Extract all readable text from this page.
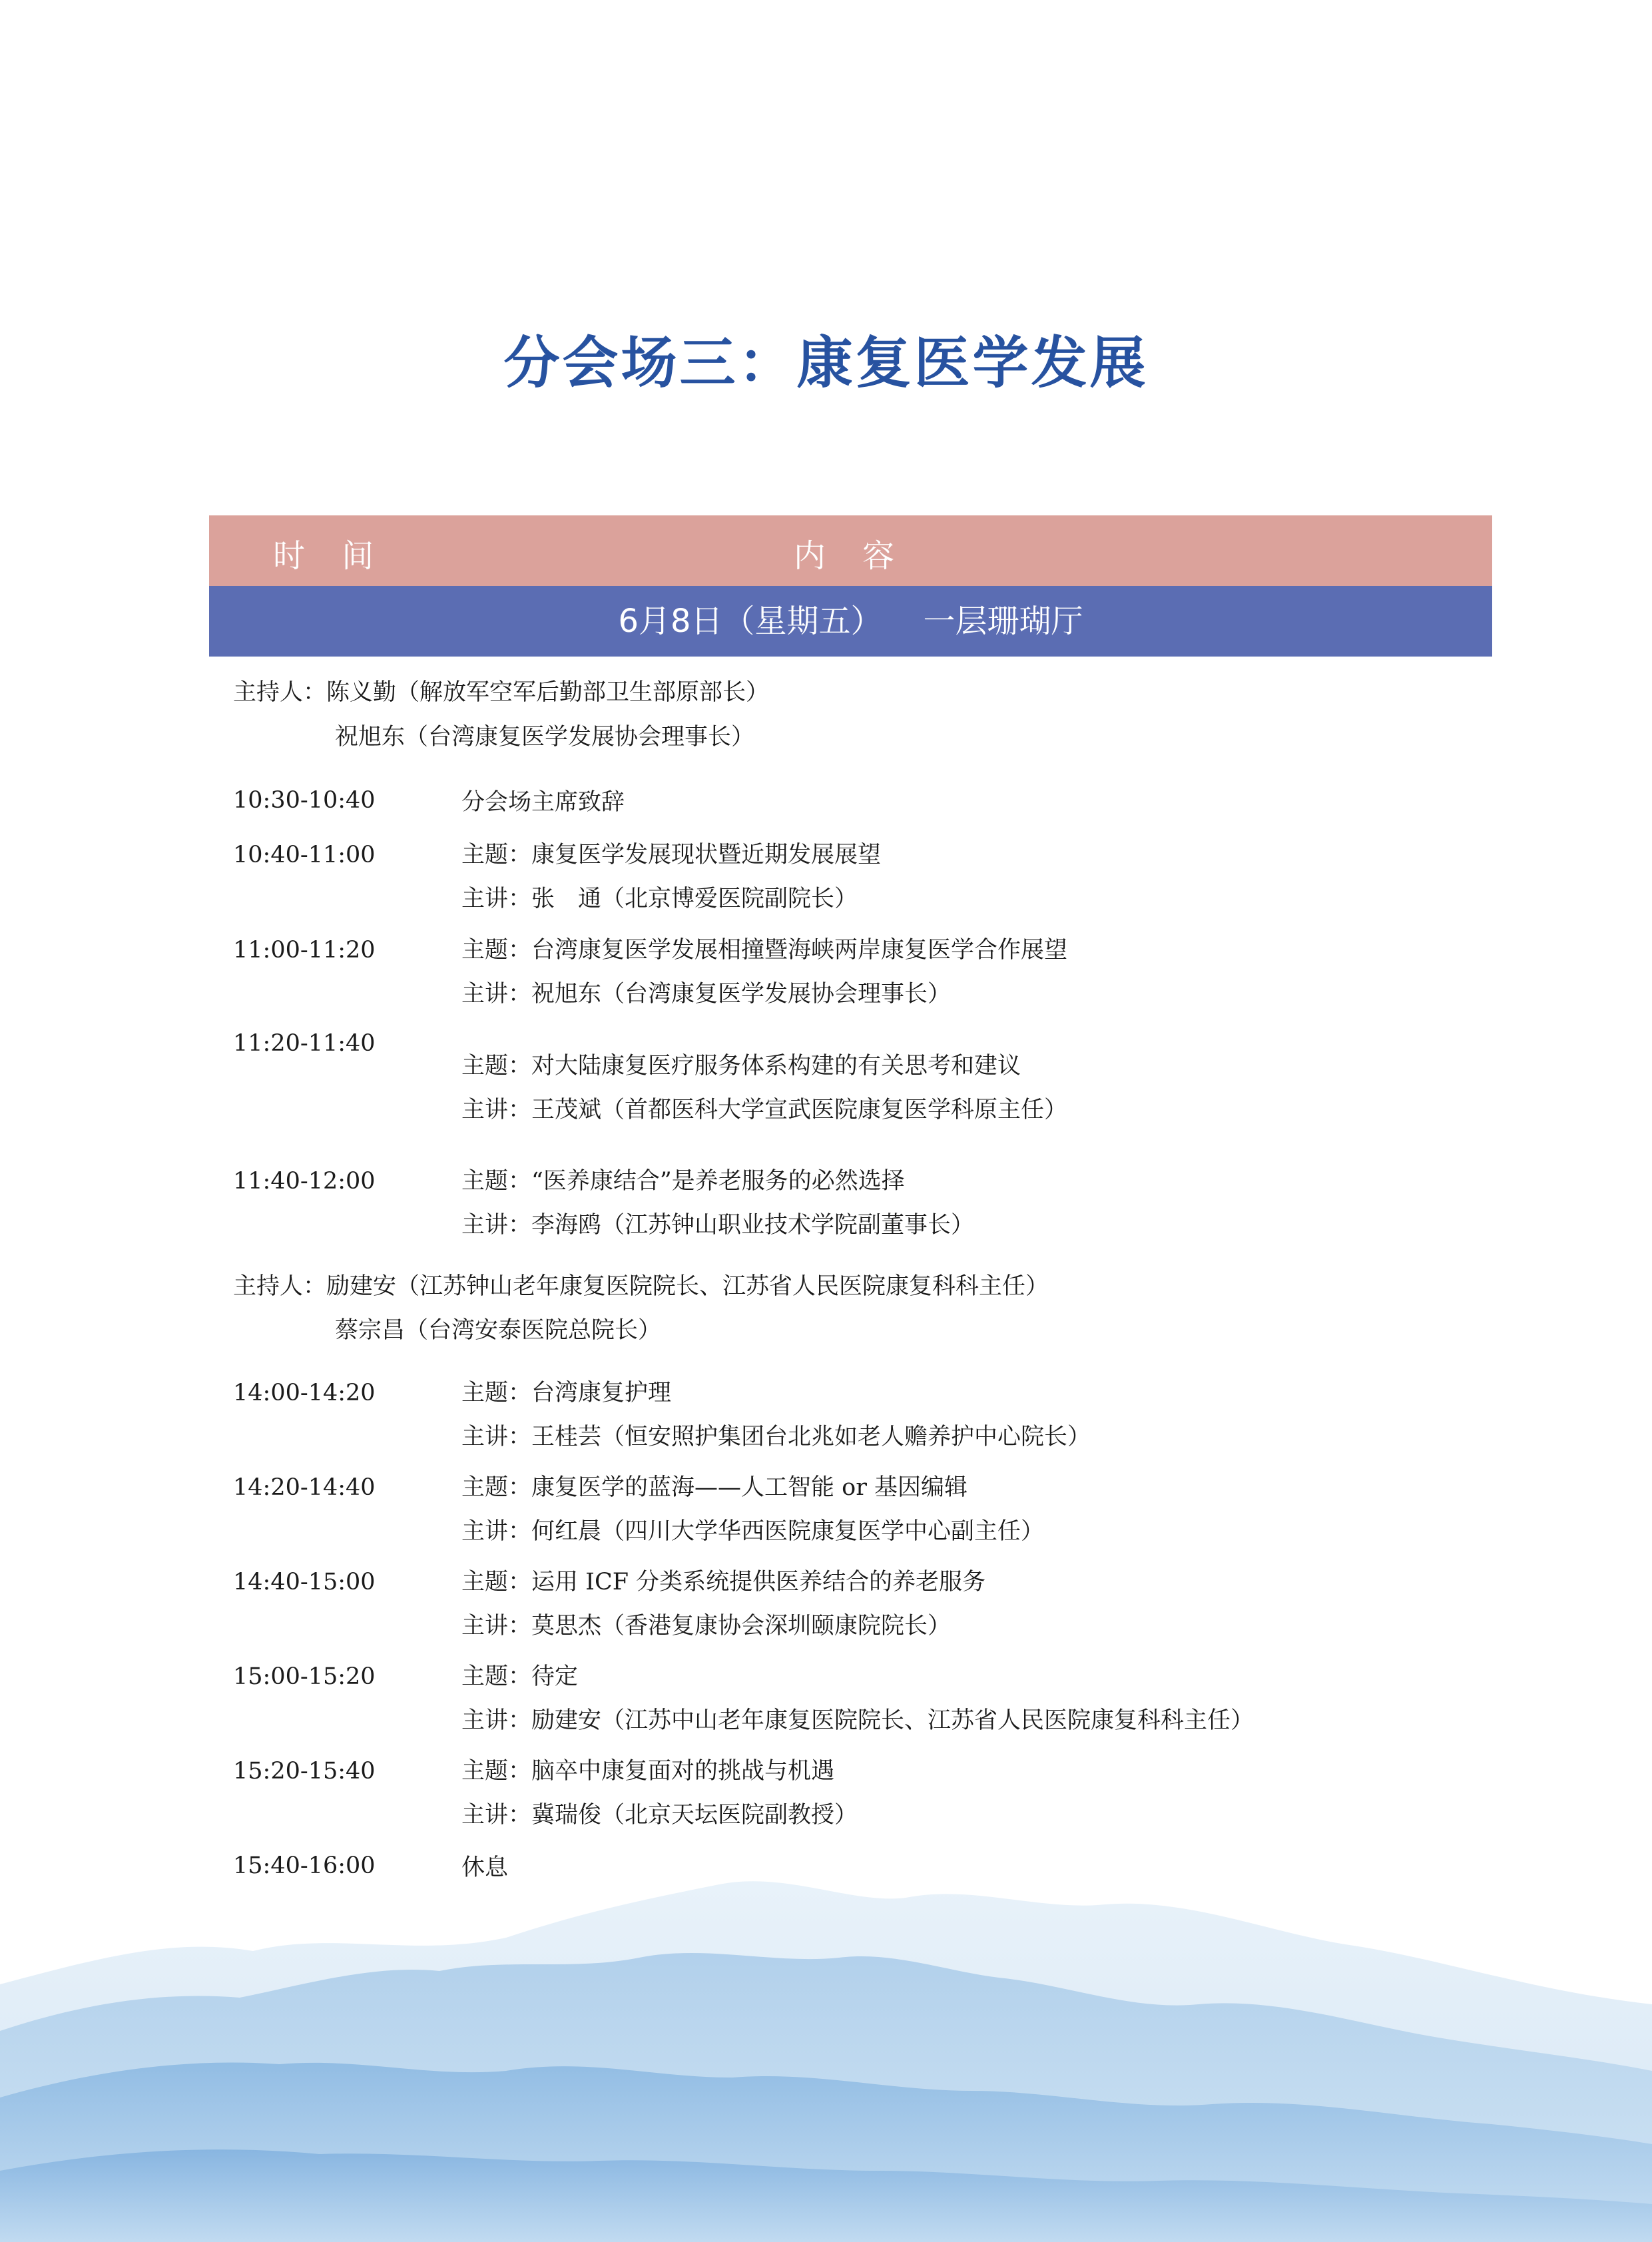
分会场三：康复医学发展
时 间	内 容
6月8日（星期五）    一层珊瑚厅
主持人：陈义勤（解放军空军后勤部卫生部原部长）
祝旭东（台湾康复医学发展协会理事长）
10:30-10:40	分会场主席致辞
10:40-11:00	主题：康复医学发展现状暨近期发展展望
主讲：张　通（北京博爱医院副院长）
11:00-11:20	主题：台湾康复医学发展相撞暨海峡两岸康复医学合作展望
主讲：祝旭东（台湾康复医学发展协会理事长）
11:20-11:40
主题：对大陆康复医疗服务体系构建的有关思考和建议
主讲：王茂斌（首都医科大学宣武医院康复医学科原主任）
11:40-12:00	主题：“医养康结合”是养老服务的必然选择
主讲：李海鸥（江苏钟山职业技术学院副董事长）
主持人：励建安（江苏钟山老年康复医院院长、江苏省人民医院康复科科主任）
蔡宗昌（台湾安泰医院总院长）
14:00-14:20	主题：台湾康复护理
主讲：王桂芸（恒安照护集团台北兆如老人赡养护中心院长）
14:20-14:40	主题：康复医学的蓝海——人工智能 or 基因编辑
主讲：何红晨（四川大学华西医院康复医学中心副主任）
14:40-15:00	主题：运用 ICF 分类系统提供医养结合的养老服务
主讲：莫思杰（香港复康协会深圳颐康院院长）
15:00-15:20	主题：待定
主讲：励建安（江苏中山老年康复医院院长、江苏省人民医院康复科科主任）
15:20-15:40	主题：脑卒中康复面对的挑战与机遇
主讲：冀瑞俊（北京天坛医院副教授）
15:40-16:00	休息
